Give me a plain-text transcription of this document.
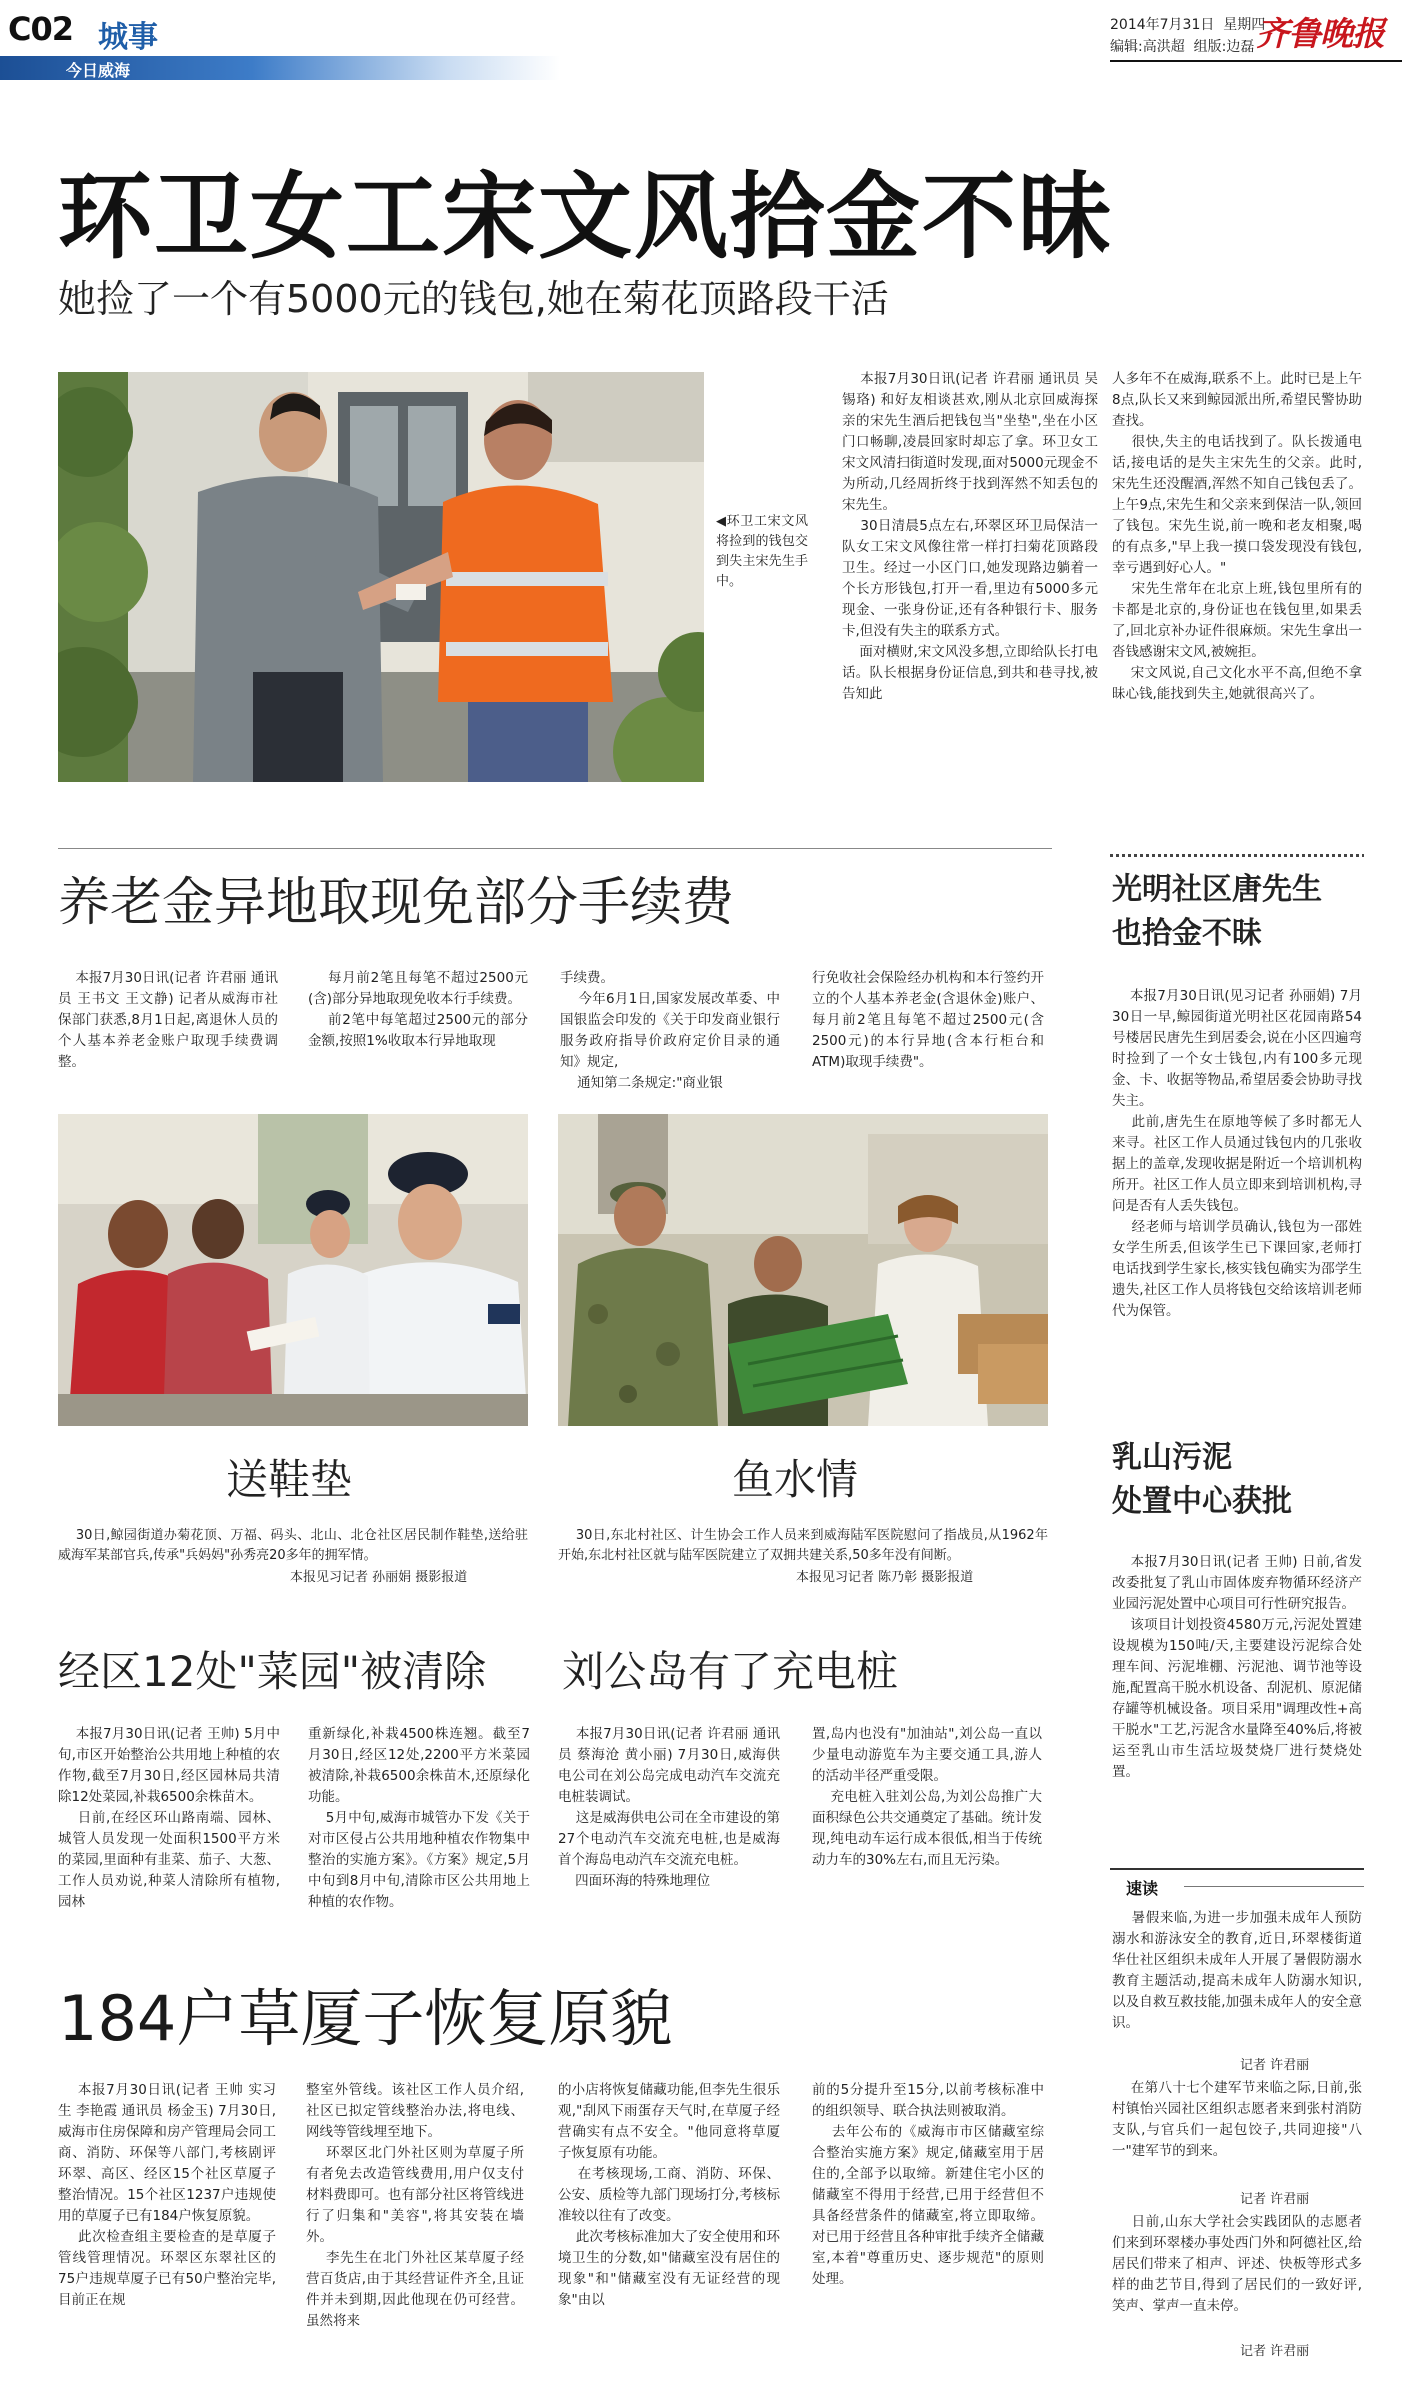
C02 城事
今日威海
2014年7月31日  星期四
编辑:高洪超  组版:边磊 齐鲁晚报
环卫女工宋文风拾金不昧
她捡了一个有5000元的钱包,她在菊花顶路段干活
◀环卫工宋文风将捡到的钱包交到失主宋先生手中。
本报7月30日讯(记者 许君丽 通讯员 吴锡珞) 和好友相谈甚欢,刚从北京回威海探亲的宋先生酒后把钱包当"坐垫",坐在小区门口畅聊,凌晨回家时却忘了拿。环卫女工宋文风清扫街道时发现,面对5000元现金不为所动,几经周折终于找到浑然不知丢包的宋先生。
30日清晨5点左右,环翠区环卫局保洁一队女工宋文风像往常一样打扫菊花顶路段卫生。经过一小区门口,她发现路边躺着一个长方形钱包,打开一看,里边有5000多元现金、一张身份证,还有各种银行卡、服务卡,但没有失主的联系方式。
面对横财,宋文风没多想,立即给队长打电话。队长根据身份证信息,到共和巷寻找,被告知此
人多年不在威海,联系不上。此时已是上午8点,队长又来到鲸园派出所,希望民警协助查找。
很快,失主的电话找到了。队长拨通电话,接电话的是失主宋先生的父亲。此时,宋先生还没醒酒,浑然不知自己钱包丢了。上午9点,宋先生和父亲来到保洁一队,领回了钱包。宋先生说,前一晚和老友相聚,喝的有点多,"早上我一摸口袋发现没有钱包,幸亏遇到好心人。"
宋先生常年在北京上班,钱包里所有的卡都是北京的,身份证也在钱包里,如果丢了,回北京补办证件很麻烦。宋先生拿出一沓钱感谢宋文风,被婉拒。
宋文风说,自己文化水平不高,但绝不拿昧心钱,能找到失主,她就很高兴了。
养老金异地取现免部分手续费
本报7月30日讯(记者 许君丽 通讯员 王书文 王文静) 记者从威海市社保部门获悉,8月1日起,离退休人员的个人基本养老金账户取现手续费调整。
每月前2笔且每笔不超过2500元(含)部分异地取现免收本行手续费。
前2笔中每笔超过2500元的部分金额,按照1%收取本行异地取现
手续费。
今年6月1日,国家发展改革委、中国银监会印发的《关于印发商业银行服务政府指导价政府定价目录的通知》规定,
通知第二条规定:"商业银
行免收社会保险经办机构和本行签约开立的个人基本养老金(含退休金)账户、每月前2笔且每笔不超过2500元(含2500元)的本行异地(含本行柜台和ATM)取现手续费"。
送鞋垫	鱼水情
30日,鲸园街道办菊花顶、万福、码头、北山、北仓社区居民制作鞋垫,送给驻威海军某部官兵,传承"兵妈妈"孙秀亮20多年的拥军情。
本报见习记者 孙丽娟 摄影报道
30日,东北村社区、计生协会工作人员来到威海陆军医院慰问了指战员,从1962年开始,东北村社区就与陆军医院建立了双拥共建关系,50多年没有间断。
本报见习记者 陈乃彰 摄影报道
经区12处"菜园"被清除
本报7月30日讯(记者 王帅) 5月中旬,市区开始整治公共用地上种植的农作物,截至7月30日,经区园林局共清除12处菜园,补栽6500余株苗木。
日前,在经区环山路南端、园林、城管人员发现一处面积1500平方米的菜园,里面种有韭菜、茄子、大葱、工作人员劝说,种菜人清除所有植物,园林
重新绿化,补栽4500株连翘。截至7月30日,经区12处,2200平方米菜园被清除,补栽6500余株苗木,还原绿化功能。
5月中旬,威海市城管办下发《关于对市区侵占公共用地种植农作物集中整治的实施方案》。《方案》规定,5月中旬到8月中旬,清除市区公共用地上种植的农作物。
刘公岛有了充电桩
本报7月30日讯(记者 许君丽 通讯员 蔡海沧 黄小丽) 7月30日,威海供电公司在刘公岛完成电动汽车交流充电桩装调试。
这是威海供电公司在全市建设的第27个电动汽车交流充电桩,也是威海首个海岛电动汽车交流充电桩。
四面环海的特殊地理位
置,岛内也没有"加油站",刘公岛一直以少量电动游览车为主要交通工具,游人的活动半径严重受限。
充电桩入驻刘公岛,为刘公岛推广大面积绿色公共交通奠定了基础。统计发现,纯电动车运行成本很低,相当于传统动力车的30%左右,而且无污染。
184户草厦子恢复原貌
本报7月30日讯(记者 王帅 实习生 李艳霞 通讯员 杨金玉) 7月30日,威海市住房保障和房产管理局会同工商、消防、环保等八部门,考核剧评环翠、高区、经区15个社区草厦子整治情况。15个社区1237户违规使用的草厦子已有184户恢复原貌。
此次检查组主要检查的是草厦子管线管理情况。环翠区东翠社区的75户违规草厦子已有50户整治完毕,目前正在规
整室外管线。该社区工作人员介绍,社区已拟定管线整治办法,将电线、网线等管线埋至地下。
环翠区北门外社区则为草厦子所有者免去改造管线费用,用户仅支付材料费即可。也有部分社区将管线进行了归集和"美容",将其安装在墙外。
李先生在北门外社区某草厦子经营百货店,由于其经营证件齐全,且证件并未到期,因此他现在仍可经营。虽然将来
的小店将恢复储藏功能,但李先生很乐观,"刮风下雨蛋存天气时,在草厦子经营确实有点不安全。"他同意将草厦子恢复原有功能。
在考核现场,工商、消防、环保、公安、质检等九部门现场打分,考核标准较以往有了改变。
此次考核标准加大了安全使用和环境卫生的分数,如"储藏室没有居住的现象"和"储藏室没有无证经营的现象"由以
前的5分提升至15分,以前考核标准中的组织领导、联合执法则被取消。
去年公布的《威海市市区储藏室综合整治实施方案》规定,储藏室用于居住的,全部予以取缔。新建住宅小区的储藏室不得用于经营,已用于经营但不具备经营条件的储藏室,将立即取缔。对已用于经营且各种审批手续齐全储藏室,本着"尊重历史、逐步规范"的原则处理。
光明社区唐先生
也拾金不昧
本报7月30日讯(见习记者 孙丽娟) 7月30日一早,鲸园街道光明社区花园南路54号楼居民唐先生到居委会,说在小区四遍弯时捡到了一个女士钱包,内有100多元现金、卡、收据等物品,希望居委会协助寻找失主。
此前,唐先生在原地等候了多时都无人来寻。社区工作人员通过钱包内的几张收据上的盖章,发现收据是附近一个培训机构所开。社区工作人员立即来到培训机构,寻问是否有人丢失钱包。
经老师与培训学员确认,钱包为一邵姓女学生所丢,但该学生已下课回家,老师打电话找到学生家长,核实钱包确实为邵学生遗失,社区工作人员将钱包交给该培训老师代为保管。
乳山污泥
处置中心获批
本报7月30日讯(记者 王帅) 日前,省发改委批复了乳山市固体废弃物循环经济产业园污泥处置中心项目可行性研究报告。
该项目计划投资4580万元,污泥处置建设规模为150吨/天,主要建设污泥综合处理车间、污泥堆棚、污泥池、调节池等设施,配置高干脱水机设备、刮泥机、原泥储存罐等机械设备。项目采用"调理改性+高干脱水"工艺,污泥含水量降至40%后,将被运至乳山市生活垃圾焚烧厂进行焚烧处置。
速读
暑假来临,为进一步加强未成年人预防溺水和游泳安全的教育,近日,环翠楼街道华仕社区组织未成年人开展了暑假防溺水教育主题活动,提高未成年人防溺水知识,以及自救互救技能,加强未成年人的安全意识。
记者 许君丽
在第八十七个建军节来临之际,日前,张村镇怡兴园社区组织志愿者来到张村消防支队,与官兵们一起包饺子,共同迎接"八一"建军节的到来。
记者 许君丽
日前,山东大学社会实践团队的志愿者们来到环翠楼办事处西门外和阿德社区,给居民们带来了相声、评述、快板等形式多样的曲艺节目,得到了居民们的一致好评,笑声、掌声一直未停。
记者 许君丽
